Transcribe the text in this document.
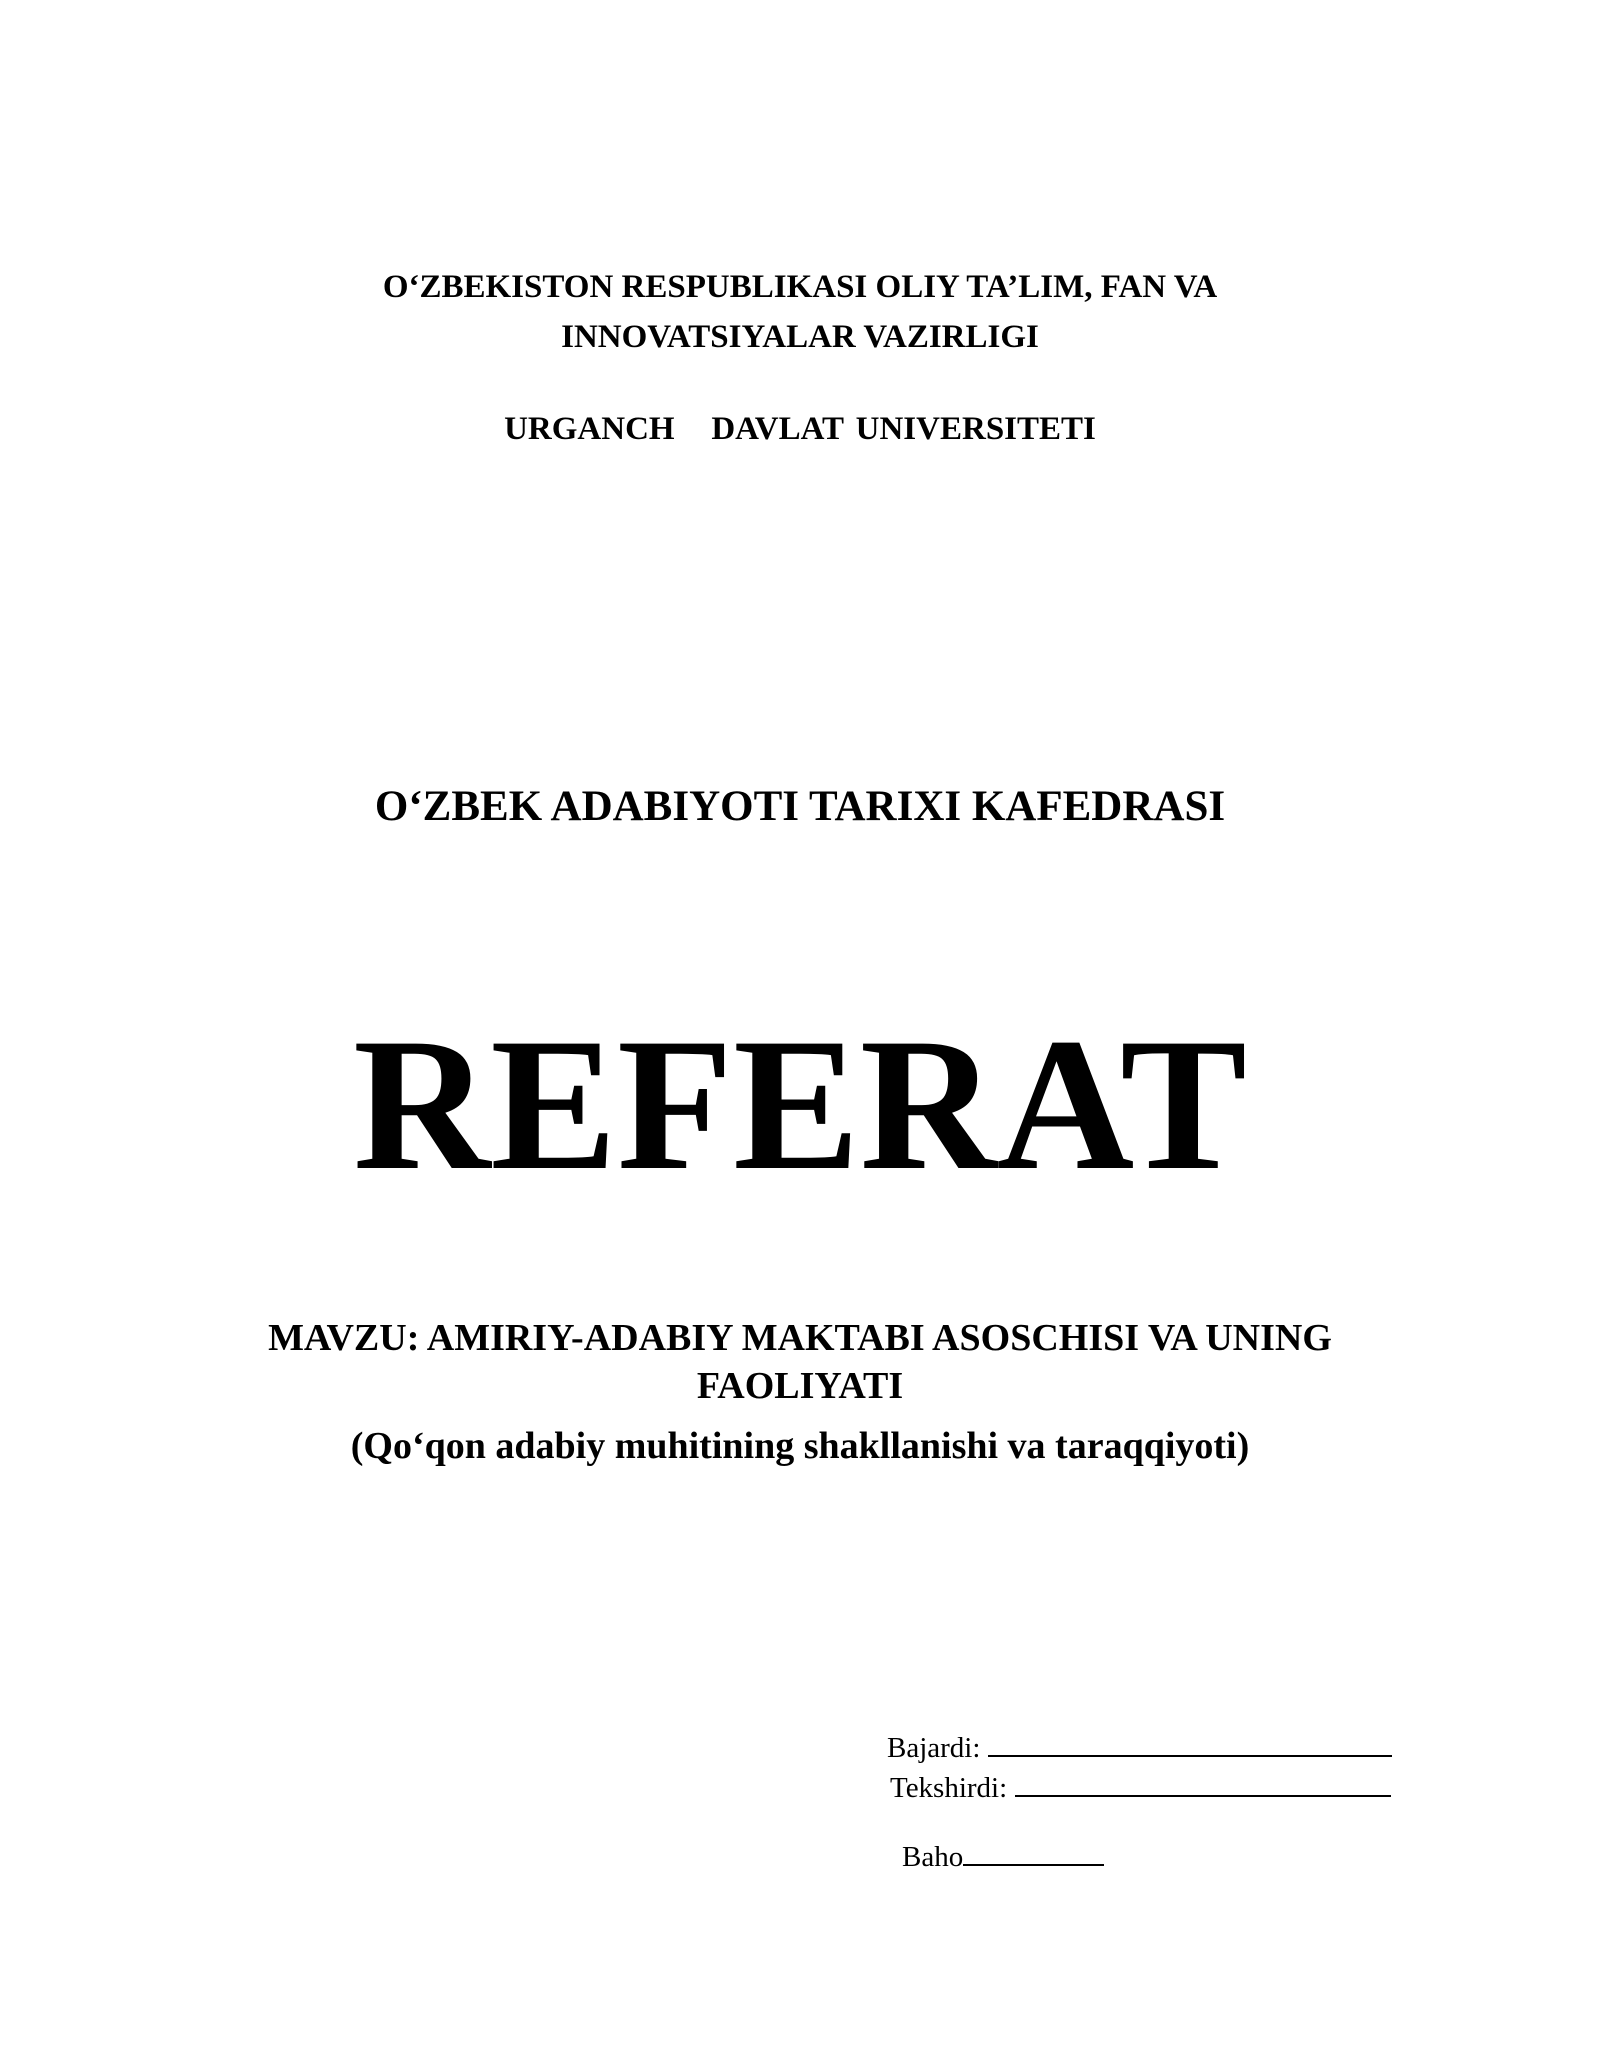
O‘ZBEKISTON RESPUBLIKASI OLIY TA’LIM, FAN VA
INNOVATSIYALAR VAZIRLIGI
URGANCH   DAVLAT UNIVERSITETI
O‘ZBEK ADABIYOTI TARIXI KAFEDRASI
REFERAT
MAVZU: AMIRIY-ADABIY MAKTABI ASOSCHISI VA UNING
FAOLIYATI
(Qo‘qon adabiy muhitining shakllanishi va taraqqiyoti)
Bajardi:
Tekshirdi:
Baho
